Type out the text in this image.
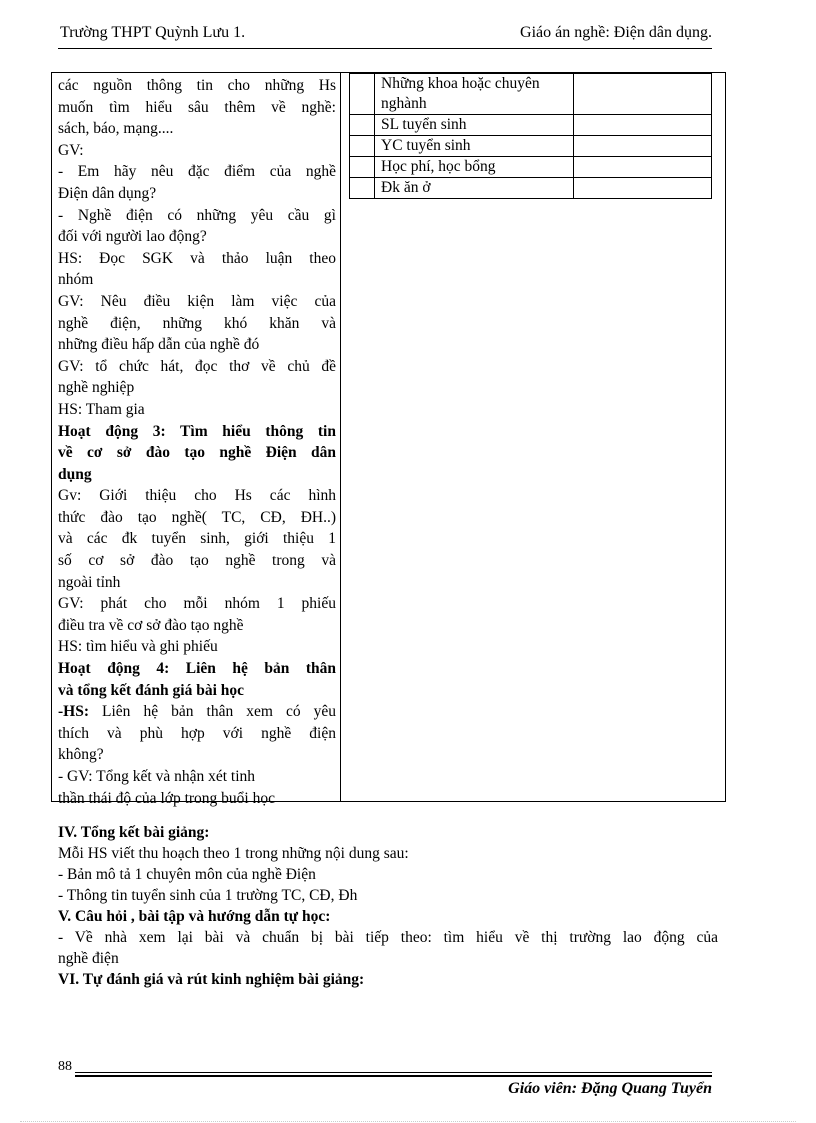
Trường THPT Quỳnh Lưu 1.	Giáo án nghề: Điện dân dụng.
các nguồn thông tin cho những Hs
muốn tìm hiểu sâu thêm về nghề:
sách, báo, mạng....
GV:
- Em hãy nêu đặc điểm của nghề
Điện dân dụng?
- Nghề điện có những yêu cầu gì
đối với người lao động?
HS: Đọc SGK và thảo luận theo
nhóm
GV: Nêu điều kiện làm việc của
nghề điện, những khó khăn và
những điều hấp dẫn của nghề đó
GV: tổ chức hát, đọc thơ về chủ đề
nghề nghiệp
HS: Tham gia
Hoạt động 3: Tìm hiểu thông tin
về cơ sở đào tạo nghề Điện dân
dụng
Gv: Giới thiệu cho Hs các hình
thức đào tạo nghề( TC, CĐ, ĐH..)
và các đk tuyển sinh, giới thiệu 1
số cơ sở đào tạo nghề trong và
ngoài tỉnh
GV: phát cho mỗi nhóm 1 phiếu
điều tra về cơ sở đào tạo nghề
HS: tìm hiểu và ghi phiếu
Hoạt động 4: Liên hệ bản thân
và tổng kết đánh giá bài học
-HS: Liên hệ bản thân xem có yêu
thích và phù hợp với nghề điện
không?
- GV: Tổng kết và nhận xét tinh
thần thái độ của lớp trong buổi học
	Những khoa hoặc chuyên nghành	
	SL tuyển sinh	
	YC tuyển sinh	
	Học phí, học bổng	
	Đk ăn ở	
IV. Tổng kết bài giảng:
Mỗi HS viết thu hoạch theo 1 trong những nội dung sau:
- Bản mô tả 1 chuyên môn của nghề Điện
- Thông tin tuyển sinh của 1 trường TC, CĐ, Đh
V. Câu hỏi , bài tập và hướng dẫn tự học:
- Về nhà xem lại bài và chuẩn bị bài tiếp theo: tìm hiểu về thị trường lao động của
nghề điện
VI. Tự đánh giá và rút kinh nghiệm bài giảng:
88
Giáo viên: Đặng Quang Tuyển
